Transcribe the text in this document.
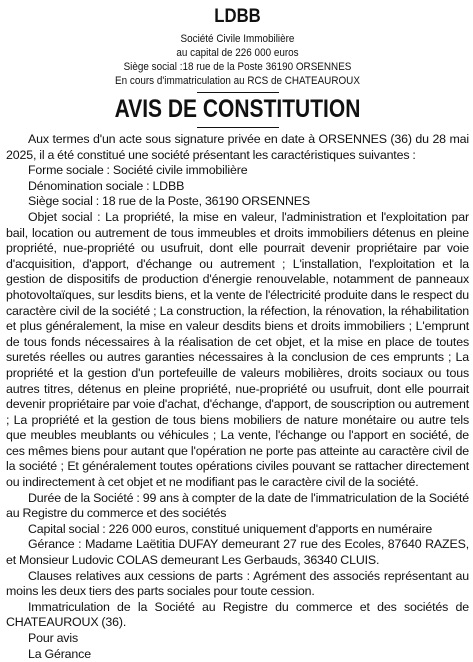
LDBB
Société Civile Immobilière
au capital de 226 000 euros
Siège social :18 rue de la Poste 36190 ORSENNES
En cours d'immatriculation au RCS de CHATEAUROUX
AVIS DE CONSTITUTION

Aux termes d'un acte sous signature privée en date à ORSENNES (36) du 28 mai 2025, il a été constitué une société présentant les caractéristiques suivantes :

Forme sociale : Société civile immobilière

Dénomination sociale : LDBB

Siège social : 18 rue de la Poste, 36190 ORSENNES

Objet social : La propriété, la mise en valeur, l'administration et l'exploitation par bail, location ou autrement de tous immeubles et droits immobiliers détenus en pleine propriété, nue-propriété ou usufruit, dont elle pourrait devenir propriétaire par voie d'acquisition, d'apport, d'échange ou autrement ; L'installation, l'exploitation et la gestion de dispositifs de production d'énergie renouvelable, notamment de panneaux photovoltaïques, sur lesdits biens, et la vente de l'électricité produite dans le respect du caractère civil de la société ; La construction, la réfection, la rénovation, la réhabilitation et plus généralement, la mise en valeur desdits biens et droits immobiliers ; L'emprunt de tous fonds nécessaires à la réalisation de cet objet, et la mise en place de toutes suretés réelles ou autres garanties nécessaires à la conclusion de ces emprunts ; La propriété et la gestion d'un portefeuille de valeurs mobilières, droits sociaux ou tous autres titres, détenus en pleine propriété, nue-propriété ou usufruit, dont elle pourrait devenir propriétaire par voie d'achat, d'échange, d'apport, de souscription ou autrement ; La propriété et la gestion de tous biens mobiliers de nature monétaire ou autre tels que meubles meublants ou véhicules ; La vente, l'échange ou l'apport en société, de ces mêmes biens pour autant que l'opération ne porte pas atteinte au caractère civil de la société ; Et généralement toutes opérations civiles pouvant se rattacher directement ou indirectement à cet objet et ne modifiant pas le caractère civil de la société.

Durée de la Société : 99 ans à compter de la date de l'immatriculation de la Société au Registre du commerce et des sociétés

Capital social : 226 000 euros, constitué uniquement d'apports en numéraire

Gérance : Madame Laëtitia DUFAY demeurant 27 rue des Ecoles, 87640 RAZES, et Monsieur Ludovic COLAS demeurant Les Gerbauds, 36340 CLUIS.

Clauses relatives aux cessions de parts : Agrément des associés représentant au moins les deux tiers des parts sociales pour toute cession.

Immatriculation de la Société au Registre du commerce et des sociétés de CHATEAUROUX (36).

Pour avis

La Gérance
